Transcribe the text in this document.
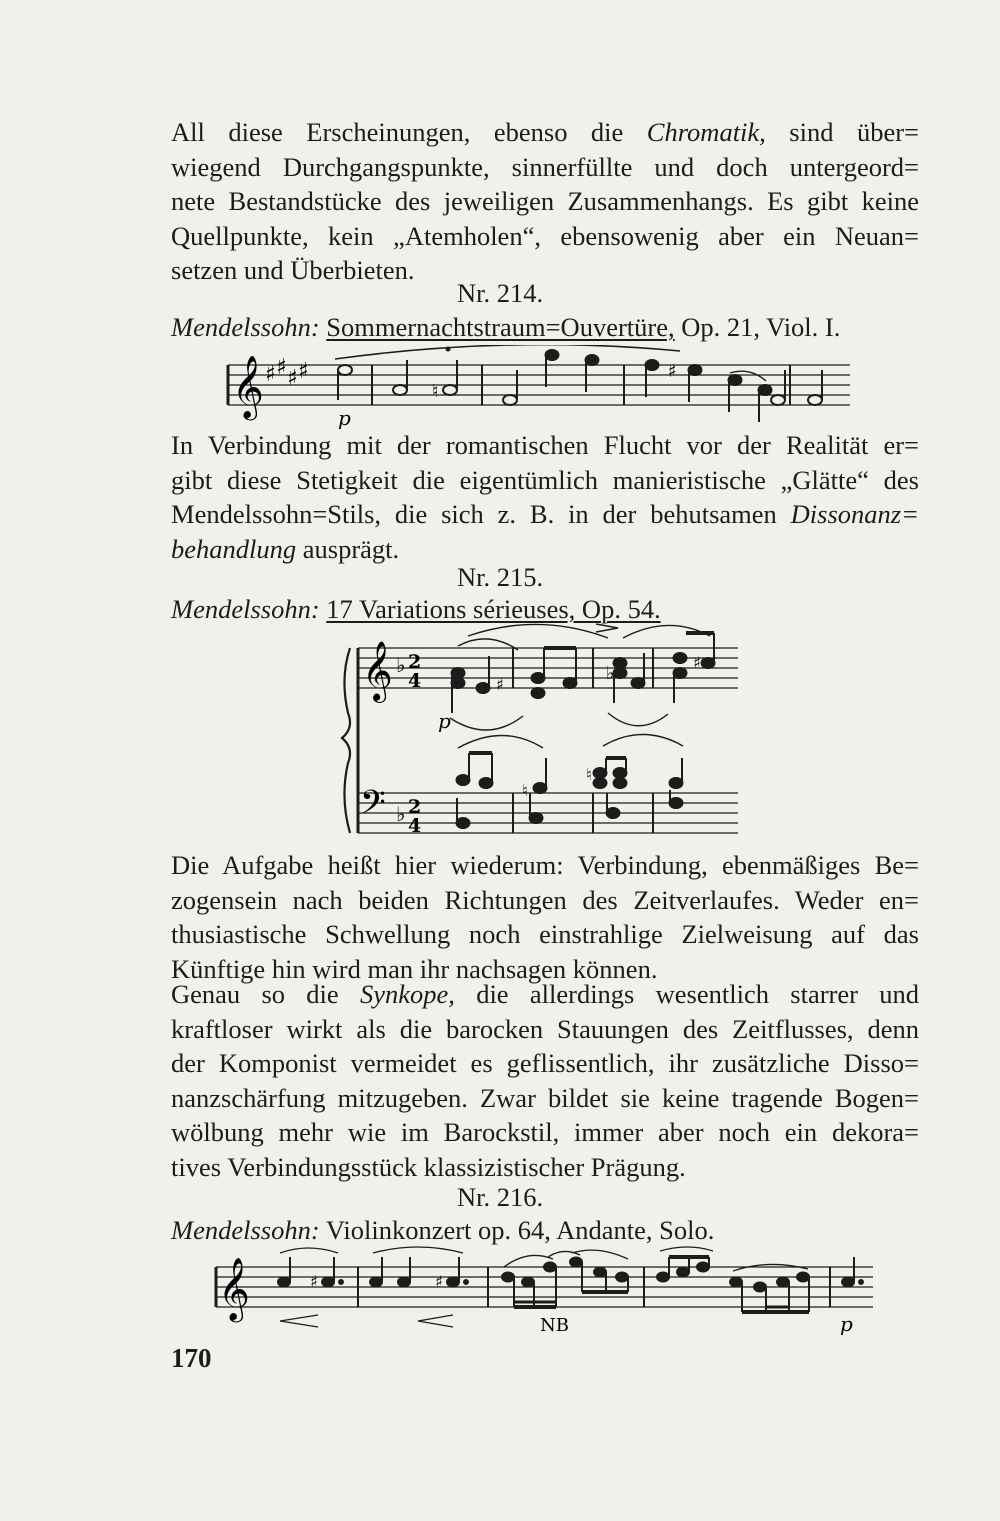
All diese Erscheinungen, ebenso die Chromatik, sind über=
wiegend Durchgangspunkte, sinnerfüllte und doch untergeord=
nete Bestandstücke des jeweiligen Zusammenhangs. Es gibt keine
Quellpunkte, kein „Atemholen“, ebensowenig aber ein Neuan=
setzen und Überbieten.
Nr. 214.
Mendelssohn: Sommernachtstraum=Ouvertüre, Op. 21, Viol. I.
𝄞 ♯ ♯ ♯ ♯
♮
♯
p
In Verbindung mit der romantischen Flucht vor der Realität er=
gibt diese Stetigkeit die eigentümlich manieristische „Glätte“ des
Mendelssohn=Stils, die sich z. B. in der behutsamen Dissonanz=
behandlung ausprägt.
Nr. 215.
Mendelssohn: 17 Variations sérieuses, Op. 54.
𝄞 ♭ 2
4
𝄢 ♭ 2
4
♯
♭
♯
p
♮
♮
Die Aufgabe heißt hier wiederum: Verbindung, ebenmäßiges Be=
zogensein nach beiden Richtungen des Zeitverlaufes. Weder en=
thusiastische Schwellung noch einstrahlige Zielweisung auf das
Künftige hin wird man ihr nachsagen können.
Genau so die Synkope, die allerdings wesentlich starrer und
kraftloser wirkt als die barocken Stauungen des Zeitflusses, denn
der Komponist vermeidet es geflissentlich, ihr zusätzliche Disso=
nanzschärfung mitzugeben. Zwar bildet sie keine tragende Bogen=
wölbung mehr wie im Barockstil, immer aber noch ein dekora=
tives Verbindungsstück klassizistischer Prägung.
Nr. 216.
Mendelssohn: Violinkonzert op. 64, Andante, Solo.
𝄞	♯	♯
NB	p
170
